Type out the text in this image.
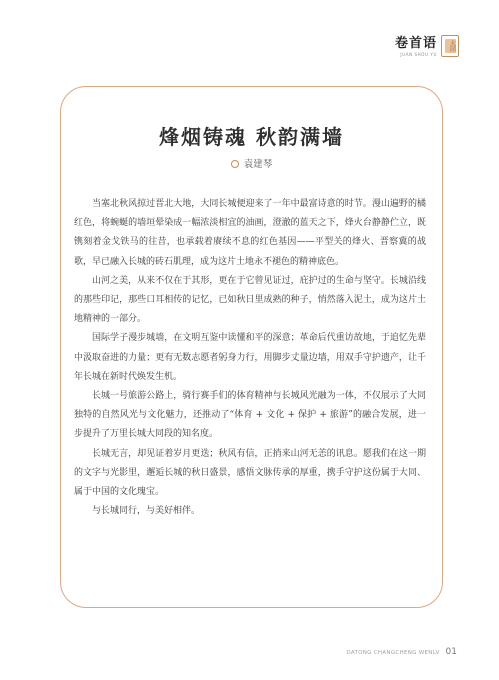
卷首语
JUAN SHOU YU
大同
烽烟铸魂 秋韵满墙
袁建琴

当塞北秋风掠过晋北大地，大同长城便迎来了一年中最富诗意的时节。漫山遍野的橘红色，将蜿蜒的墙垣晕染成一幅浓淡相宜的油画，澄澈的蓝天之下，烽火台静静伫立，既镌刻着金戈铁马的往昔，也承载着赓续不息的红色基因——平型关的烽火、晋察冀的战歌，早已融入长城的砖石肌理，成为这片土地永不褪色的精神底色。

山河之美，从来不仅在于其形，更在于它曾见证过，庇护过的生命与坚守。长城沿线的那些印记，那些口耳相传的记忆，已如秋日里成熟的种子，悄然落入泥土，成为这片土地精神的一部分。

国际学子漫步城墙，在文明互鉴中读懂和平的深意；革命后代重访故地，于追忆先辈中汲取奋进的力量；更有无数志愿者躬身力行，用脚步丈量边墙，用双手守护遗产，让千年长城在新时代焕发生机。

长城一号旅游公路上，骑行赛手们的体育精神与长城风光融为一体，不仅展示了大同独特的自然风光与文化魅力，还推动了“体育 + 文化 + 保护 + 旅游”的融合发展，进一步提升了万里长城大同段的知名度。

长城无言，却见证着岁月更迭；秋风有信，正捎来山河无恙的讯息。愿我们在这一期的文字与光影里，邂逅长城的秋日盛景，感悟文脉传承的厚重，携手守护这份属于大同、属于中国的文化瑰宝。

与长城同行，与美好相伴。

DATONG CHANGCHENG WENLV 01
